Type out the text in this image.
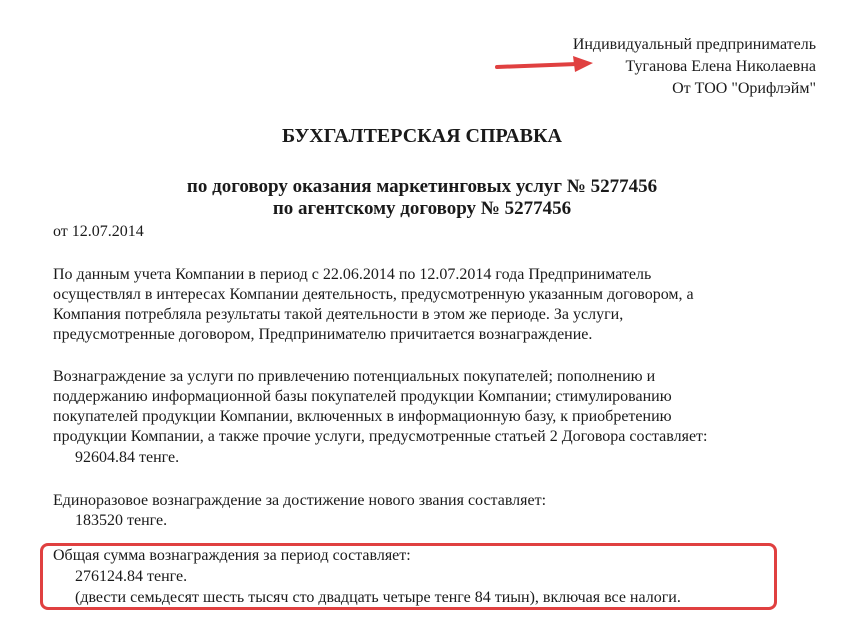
Индивидуальный предприниматель
Туганова Елена Николаевна
От ТОО "Орифлэйм"
БУХГАЛТЕРСКАЯ СПРАВКА
по договору оказания маркетинговых услуг № 5277456
по агентскому договору № 5277456
от 12.07.2014
По данным учета Компании в период с 22.06.2014 по 12.07.2014 года Предприниматель
осуществлял в интересах Компании деятельность, предусмотренную указанным договором, а
Компания потребляла результаты такой деятельности в этом же периоде. За услуги,
предусмотренные договором, Предпринимателю причитается вознаграждение.
Вознаграждение за услуги по привлечению потенциальных покупателей; пополнению и
поддержанию информационной базы покупателей продукции Компании; стимулированию
покупателей продукции Компании, включенных в информационную базу, к приобретению
продукции Компании, а также прочие услуги, предусмотренные статьей 2 Договора составляет:
92604.84 тенге.
Единоразовое вознаграждение за достижение нового звания составляет:
183520 тенге.
Общая сумма вознаграждения за период составляет:
276124.84 тенге.
(двести семьдесят шесть тысяч сто двадцать четыре тенге 84 тиын), включая все налоги.
